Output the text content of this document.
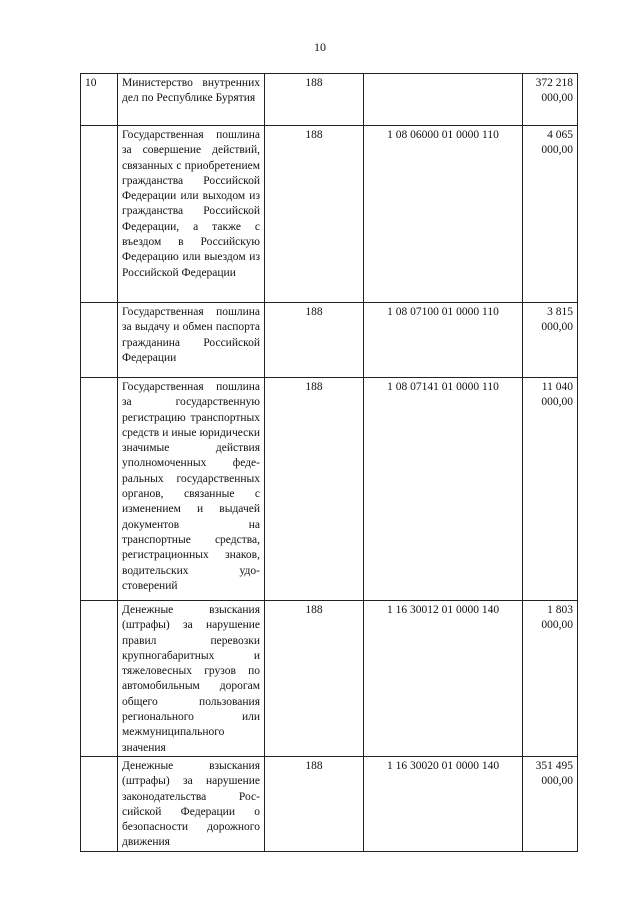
10
10	Министерство внутренних дел по Республике Бурятия	188		372 218
000,00

	Государственная пошлина за совершение действий, связанных с приобретением гражданства Российской Федерации или выходом из гражданства Российской Федерации, а также с въездом в Российскую Федерацию или выездом из Российской Федерации	188	1 08 06000 01 0000 110	4 065
000,00

	Государственная пошлина за выдачу и обмен паспорта гражданина Российской Федерации	188	1 08 07100 01 0000 110	3 815
000,00

	Государственная пошлина за государственную регистрацию транспортных средств и иные юридически значимые действия уполномоченных федеральных государственных органов, связанные с изменением и выдачей документов на транспортные средства, регистрационных знаков, водительских удостоверений	188	1 08 07141 01 0000 110	11 040
000,00

	Денежные взыскания (штрафы) за нарушение правил перевозки крупногабаритных и тяжеловесных грузов по автомобильным дорогам общего пользования регионального или межмуниципального значения	188	1 16 30012 01 0000 140	1 803
000,00

	Денежные взыскания (штрафы) за нарушение законодательства Российской Федерации о безопасности дорожного движения	188	1 16 30020 01 0000 140	351 495
000,00
